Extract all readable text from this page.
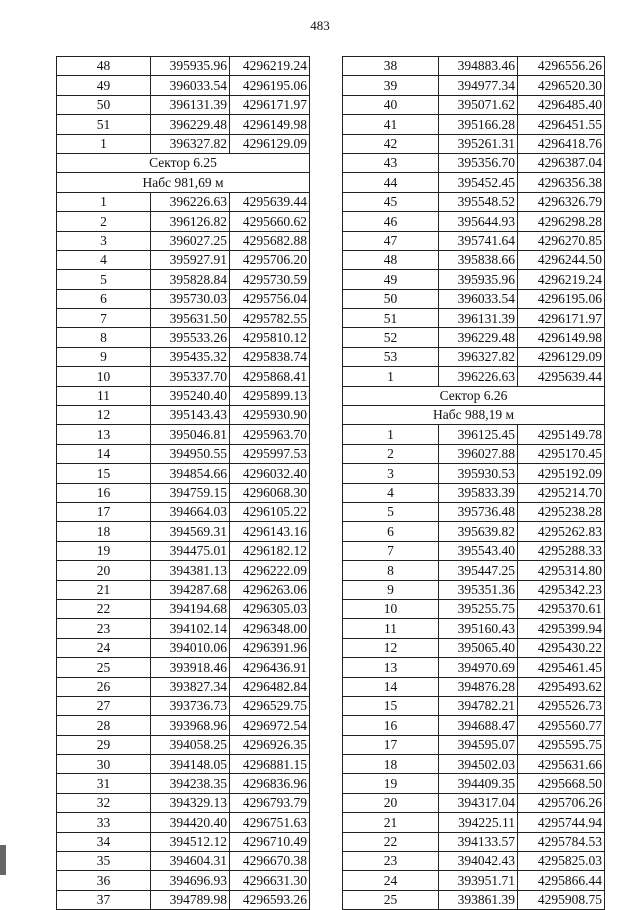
483
48	395935.96	4296219.24
49	396033.54	4296195.06
50	396131.39	4296171.97
51	396229.48	4296149.98
1	396327.82	4296129.09
Сектор 6.25		
Набс 981,69 м		
1	396226.63	4295639.44
2	396126.82	4295660.62
3	396027.25	4295682.88
4	395927.91	4295706.20
5	395828.84	4295730.59
6	395730.03	4295756.04
7	395631.50	4295782.55
8	395533.26	4295810.12
9	395435.32	4295838.74
10	395337.70	4295868.41
11	395240.40	4295899.13
12	395143.43	4295930.90
13	395046.81	4295963.70
14	394950.55	4295997.53
15	394854.66	4296032.40
16	394759.15	4296068.30
17	394664.03	4296105.22
18	394569.31	4296143.16
19	394475.01	4296182.12
20	394381.13	4296222.09
21	394287.68	4296263.06
22	394194.68	4296305.03
23	394102.14	4296348.00
24	394010.06	4296391.96
25	393918.46	4296436.91
26	393827.34	4296482.84
27	393736.73	4296529.75
28	393968.96	4296972.54
29	394058.25	4296926.35
30	394148.05	4296881.15
31	394238.35	4296836.96
32	394329.13	4296793.79
33	394420.40	4296751.63
34	394512.12	4296710.49
35	394604.31	4296670.38
36	394696.93	4296631.30
37	394789.98	4296593.26
38	394883.46	4296556.26
39	394977.34	4296520.30
40	395071.62	4296485.40
41	395166.28	4296451.55
42	395261.31	4296418.76
43	395356.70	4296387.04
44	395452.45	4296356.38
45	395548.52	4296326.79
46	395644.93	4296298.28
47	395741.64	4296270.85
48	395838.66	4296244.50
49	395935.96	4296219.24
50	396033.54	4296195.06
51	396131.39	4296171.97
52	396229.48	4296149.98
53	396327.82	4296129.09
1	396226.63	4295639.44
Сектор 6.26		
Набс 988,19 м		
1	396125.45	4295149.78
2	396027.88	4295170.45
3	395930.53	4295192.09
4	395833.39	4295214.70
5	395736.48	4295238.28
6	395639.82	4295262.83
7	395543.40	4295288.33
8	395447.25	4295314.80
9	395351.36	4295342.23
10	395255.75	4295370.61
11	395160.43	4295399.94
12	395065.40	4295430.22
13	394970.69	4295461.45
14	394876.28	4295493.62
15	394782.21	4295526.73
16	394688.47	4295560.77
17	394595.07	4295595.75
18	394502.03	4295631.66
19	394409.35	4295668.50
20	394317.04	4295706.26
21	394225.11	4295744.94
22	394133.57	4295784.53
23	394042.43	4295825.03
24	393951.71	4295866.44
25	393861.39	4295908.75
